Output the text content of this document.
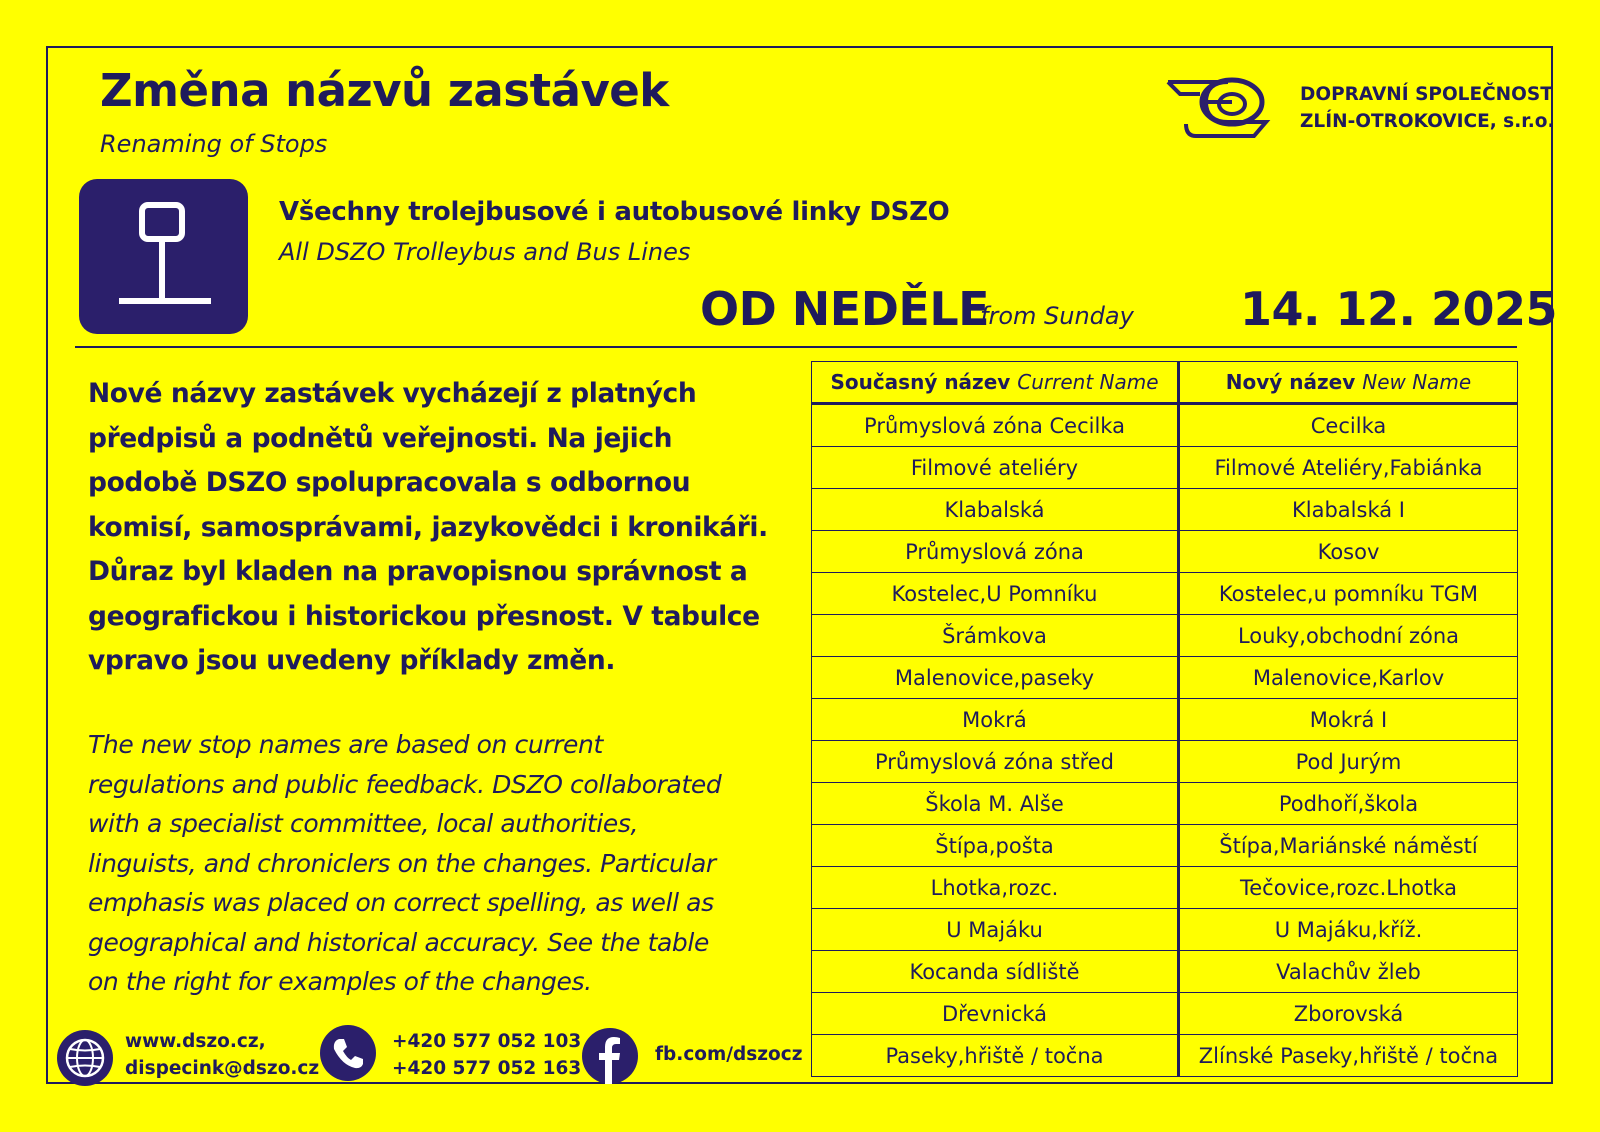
Změna názvů zastávek
Renaming of Stops
DOPRAVNÍ SPOLEČNOST
ZLÍN-OTROKOVICE, s.r.o.
Všechny trolejbusové i autobusové linky DSZO
All DSZO Trolleybus and Bus Lines
OD NEDĚLE
from Sunday 14. 12. 2025
Nové názvy zastávek vycházejí z platných
předpisů a podnětů veřejnosti. Na jejich
podobě DSZO spolupracovala s odbornou
komisí, samosprávami, jazykovědci i kronikáři.
Důraz byl kladen na pravopisnou správnost a
geografickou i historickou přesnost. V tabulce
vpravo jsou uvedeny příklady změn.
The new stop names are based on current
regulations and public feedback. DSZO collaborated
with a specialist committee, local authorities,
linguists, and chroniclers on the changes. Particular
emphasis was placed on correct spelling, as well as
geographical and historical accuracy. See the table
on the right for examples of the changes.
Současný název Current Name	Nový název New Name
Průmyslová zóna Cecilka	Cecilka
Filmové ateliéry	Filmové Ateliéry,Fabiánka
Klabalská	Klabalská I
Průmyslová zóna	Kosov
Kostelec,U Pomníku	Kostelec,u pomníku TGM
Šrámkova	Louky,obchodní zóna
Malenovice,paseky	Malenovice,Karlov
Mokrá	Mokrá I
Průmyslová zóna střed	Pod Jurým
Škola M. Alše	Podhoří,škola
Štípa,pošta	Štípa,Mariánské náměstí
Lhotka,rozc.	Tečovice,rozc.Lhotka
U Majáku	U Majáku,kříž.
Kocanda sídliště	Valachův žleb
Dřevnická	Zborovská
Paseky,hřiště / točna	Zlínské Paseky,hřiště / točna
www.dszo.cz,
dispecink@dszo.cz
+420 577 052 103
+420 577 052 163
fb.com/dszocz
